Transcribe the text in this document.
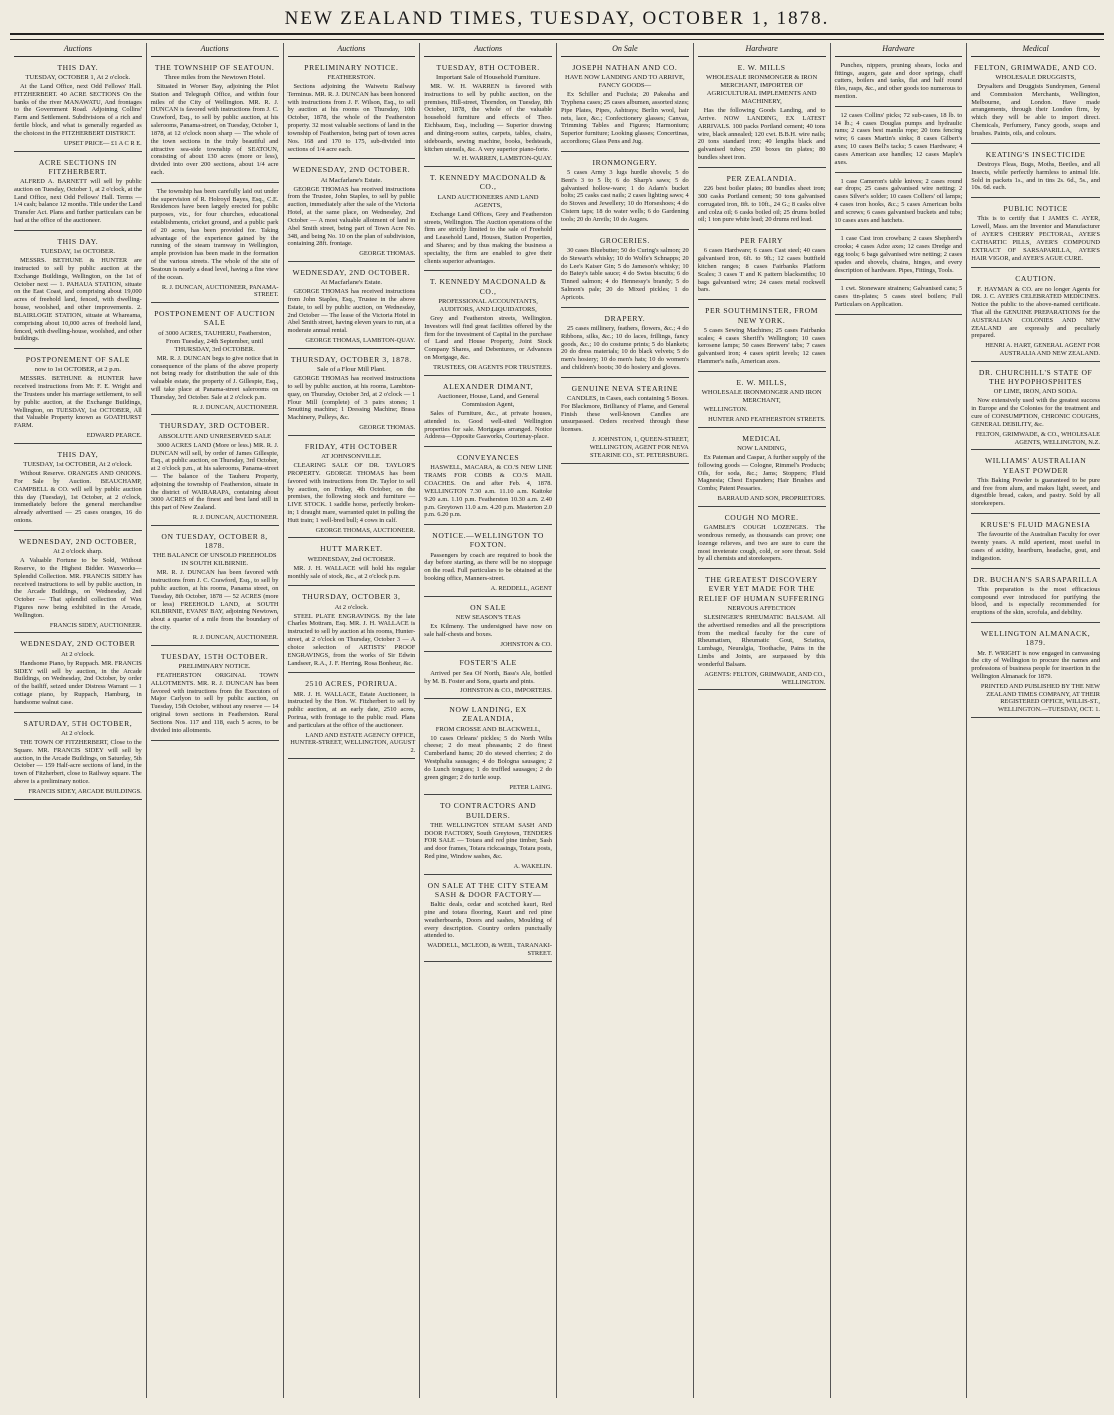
NEW ZEALAND TIMES, TUESDAY, OCTOBER 1, 1878.
Auctions
THIS DAY.
TUESDAY, OCTOBER 1, At 2 o'clock.

At the Land Office, next Odd Fellows' Hall. FITZHERBERT. 40 ACRE SECTIONS On the banks of the river MANAWATU, And frontages to the Government Road. Adjoining Collins' Farm and Settlement. Subdivisions of a rich and fertile block, and what is generally regarded as the choicest in the FITZHERBERT DISTRICT.

UPSET PRICE— £1 A C R E.
ACRE SECTIONS IN FITZHERBERT.

ALFRED A. BARNETT will sell by public auction on Tuesday, October 1, at 2 o'clock, at the Land Office, next Odd Fellows' Hall. Terms — 1/4 cash; balance 12 months. Title under the Land Transfer Act. Plans and further particulars can be had at the office of the auctioneer.

THIS DAY.
TUESDAY, 1st OCTOBER.

MESSRS. BETHUNE & HUNTER are instructed to sell by public auction at the Exchange Buildings, Wellington, on the 1st of October next — 1. PAHAUA STATION, situate on the East Coast, and comprising about 19,000 acres of freehold land, fenced, with dwelling-house, woolshed, and other improvements. 2. BLAIRLOGIE STATION, situate at Whareama, comprising about 10,000 acres of freehold land, fenced, with dwelling-house, woolshed, and other buildings.

POSTPONEMENT OF SALE
now to 1st OCTOBER, at 2 p.m.

MESSRS. BETHUNE & HUNTER have received instructions from Mr. F. E. Wright and the Trustees under his marriage settlement, to sell by public auction, at the Exchange Buildings, Wellington, on TUESDAY, 1st OCTOBER, All that Valuable Property known as GOATHURST FARM.

EDWARD PEARCE.
THIS DAY,
TUESDAY, 1st OCTOBER, At 2 o'clock.

Without Reserve. ORANGES AND ONIONS. For Sale by Auction. BEAUCHAMP, CAMPBELL & CO. will sell by public auction this day (Tuesday), 1st October, at 2 o'clock, immediately before the general merchandise already advertised — 25 cases oranges, 16 do onions.

WEDNESDAY, 2ND OCTOBER,
At 2 o'clock sharp.

A Valuable Fortune to be Sold, Without Reserve, to the Highest Bidder. Waxworks—Splendid Collection. MR. FRANCIS SIDEY has received instructions to sell by public auction, in the Arcade Buildings, on Wednesday, 2nd October — That splendid collection of Wax Figures now being exhibited in the Arcade, Wellington.

FRANCIS SIDEY, AUCTIONEER.
WEDNESDAY, 2ND OCTOBER
At 2 o'clock.

Handsome Piano, by Ruppach. MR. FRANCIS SIDEY will sell by auction, in the Arcade Buildings, on Wednesday, 2nd October, by order of the bailiff, seized under Distress Warrant — 1 cottage piano, by Ruppach, Hamburg, in handsome walnut case.

SATURDAY, 5TH OCTOBER,
At 2 o'clock.

THE TOWN OF FITZHERBERT, Close to the Square. MR. FRANCIS SIDEY will sell by auction, in the Arcade Buildings, on Saturday, 5th October — 159 Half-acre sections of land, in the town of Fitzherbert, close to Railway square. The above is a preliminary notice.

FRANCIS SIDEY, ARCADE BUILDINGS.
Auctions
THE TOWNSHIP OF SEATOUN.
Three miles from the Newtown Hotel.

Situated in Worser Bay, adjoining the Pilot Station and Telegraph Office, and within four miles of the City of Wellington. MR. R. J. DUNCAN is favored with instructions from J. C. Crawford, Esq., to sell by public auction, at his salerooms, Panama-street, on Tuesday, October 1, 1878, at 12 o'clock noon sharp — The whole of the town sections in the truly beautiful and attractive sea-side township of SEATOUN, consisting of about 130 acres (more or less), divided into over 200 sections, about 1/4 acre each.

The township has been carefully laid out under the supervision of R. Holroyd Bayes, Esq., C.E. Residences have been largely erected for public purposes, viz., for four churches, educational establishments, cricket ground, and a public park of 20 acres, has been provided for. Taking advantage of the experience gained by the running of the steam tramway in Wellington, ample provision has been made in the formation of the various streets. The whole of the site of Seatoun is nearly a dead level, having a fine view of the ocean.

R. J. DUNCAN, AUCTIONEER, PANAMA-STREET.
POSTPONEMENT OF AUCTION SALE
of 3000 ACRES, TAUHERU, Featherston, From Tuesday, 24th September, until THURSDAY, 3rd OCTOBER.

MR. R. J. DUNCAN begs to give notice that in consequence of the plans of the above property not being ready for distribution the sale of this valuable estate, the property of J. Gillespie, Esq., will take place at Panama-street salerooms on Thursday, 3rd October. Sale at 2 o'clock p.m.

R. J. DUNCAN, AUCTIONEER.
THURSDAY, 3RD OCTOBER.
ABSOLUTE AND UNRESERVED SALE

3000 ACRES LAND (More or less.) MR. R. J. DUNCAN will sell, by order of James Gillespie, Esq., at public auction, on Thursday, 3rd October, at 2 o'clock p.m., at his salerooms, Panama-street — The balance of the Tauheru Property, adjoining the township of Featherston, situate in the district of WAIRARAPA, containing about 3000 ACRES of the finest and best land still in this part of New Zealand.

R. J. DUNCAN, AUCTIONEER.
ON TUESDAY, OCTOBER 8, 1878.
THE BALANCE OF UNSOLD FREEHOLDS IN SOUTH KILBIRNIE.

MR. R. J. DUNCAN has been favored with instructions from J. C. Crawford, Esq., to sell by public auction, at his rooms, Panama street, on Tuesday, 8th October, 1878 — 52 ACRES (more or less) FREEHOLD LAND, at SOUTH KILBIRNIE, EVANS' BAY, adjoining Newtown, about a quarter of a mile from the boundary of the city.

R. J. DUNCAN, AUCTIONEER.
TUESDAY, 15TH OCTOBER.
PRELIMINARY NOTICE.

FEATHERSTON ORIGINAL TOWN ALLOTMENTS. MR. R. J. DUNCAN has been favored with instructions from the Executors of Major Carlyon to sell by public auction, on Tuesday, 15th October, without any reserve — 14 original town sections in Featherston. Rural Sections Nos. 117 and 118, each 5 acres, to be divided into allotments.

Auctions
PRELIMINARY NOTICE.
FEATHERSTON.

Sections adjoining the Waiwetu Railway Terminus. MR. R. J. DUNCAN has been honored with instructions from J. F. Wilson, Esq., to sell by auction at his rooms on Thursday, 10th October, 1878, the whole of the Featherston property. 32 most valuable sections of land in the township of Featherston, being part of town acres Nos. 168 and 170 to 175, sub-divided into sections of 1/4 acre each.

WEDNESDAY, 2ND OCTOBER.
At Macfarlane's Estate.

GEORGE THOMAS has received instructions from the Trustee, John Staples, to sell by public auction, immediately after the sale of the Victoria Hotel, at the same place, on Wednesday, 2nd October — A most valuable allotment of land in Abel Smith street, being part of Town Acre No. 348, and being No. 10 on the plan of subdivision, containing 28ft. frontage.

GEORGE THOMAS.
WEDNESDAY, 2ND OCTOBER.
At Macfarlane's Estate.

GEORGE THOMAS has received instructions from John Staples, Esq., Trustee in the above Estate, to sell by public auction, on Wednesday, 2nd October — The lease of the Victoria Hotel in Abel Smith street, having eleven years to run, at a moderate annual rental.

GEORGE THOMAS, LAMBTON-QUAY.
THURSDAY, OCTOBER 3, 1878.
Sale of a Flour Mill Plant.

GEORGE THOMAS has received instructions to sell by public auction, at his rooms, Lambton-quay, on Thursday, October 3rd, at 2 o'clock — 1 Flour Mill (complete) of 3 pairs stones; 1 Smutting machine; 1 Dressing Machine; Brass Machinery, Pulleys, &c.

GEORGE THOMAS.
FRIDAY, 4TH OCTOBER
AT JOHNSONVILLE.

CLEARING SALE OF DR. TAYLOR'S PROPERTY. GEORGE THOMAS has been favored with instructions from Dr. Taylor to sell by auction, on Friday, 4th October, on the premises, the following stock and furniture — LIVE STOCK. 1 saddle horse, perfectly broken-in; 1 draught mare, warranted quiet in pulling the Hutt train; 1 well-bred bull; 4 cows in calf.

GEORGE THOMAS, AUCTIONEER.
HUTT MARKET.
WEDNESDAY, 2nd OCTOBER.

MR. J. H. WALLACE will hold his regular monthly sale of stock, &c., at 2 o'clock p.m.

THURSDAY, OCTOBER 3,
At 2 o'clock.

STEEL PLATE ENGRAVINGS. By the late Charles Mottram, Esq. MR. J. H. WALLACE is instructed to sell by auction at his rooms, Hunter-street, at 2 o'clock on Thursday, October 3 — A choice selection of ARTISTS' PROOF ENGRAVINGS, from the works of Sir Edwin Landseer, R.A., J. F. Herring, Rosa Bonheur, &c.

2510 ACRES, PORIRUA.

MR. J. H. WALLACE, Estate Auctioneer, is instructed by the Hon. W. Fitzherbert to sell by public auction, at an early date, 2510 acres, Porirua, with frontage to the public road. Plans and particulars at the office of the auctioneer.

LAND AND ESTATE AGENCY OFFICE, HUNTER-STREET, WELLINGTON, AUGUST 2.
Auctions
TUESDAY, 8TH OCTOBER.
Important Sale of Household Furniture.

MR. W. H. WARREN is favored with instructions to sell by public auction, on the premises, Hill-street, Thorndon, on Tuesday, 8th October, 1878, the whole of the valuable household furniture and effects of Theo. Eichbaum, Esq., including — Superior drawing and dining-room suites, carpets, tables, chairs, sideboards, sewing machine, books, bedsteads, kitchen utensils, &c. A very superior piano-forte.

W. H. WARREN, LAMBTON-QUAY.
T. KENNEDY MACDONALD & CO.,
LAND AUCTIONEERS AND LAND AGENTS,

Exchange Land Offices, Grey and Featherston streets, Wellington. The Auction operations of the firm are strictly limited to the sale of Freehold and Leasehold Land, Houses, Station Properties, and Shares; and by thus making the business a speciality, the firm are enabled to give their clients superior advantages.

T. KENNEDY MACDONALD & CO.,
PROFESSIONAL ACCOUNTANTS, AUDITORS, AND LIQUIDATORS,

Grey and Featherston streets, Wellington. Investors will find great facilities offered by the firm for the investment of Capital in the purchase of Land and House Property, Joint Stock Company Shares, and Debentures, or Advances on Mortgage, &c.

TRUSTEES, OR AGENTS FOR TRUSTEES.
ALEXANDER DIMANT,
Auctioneer, House, Land, and General Commission Agent,

Sales of Furniture, &c., at private houses, attended to. Good well-sited Wellington properties for sale. Mortgages arranged. Notice Address—Opposite Gasworks, Courtenay-place.

CONVEYANCES

HASWELL, MACARA, & CO.'S NEW LINE TRAMS FOR COBB & CO.'S MAIL COACHES. On and after Feb. 4, 1878. WELLINGTON 7.30 a.m. 11.10 a.m. Kaitoke 9.20 a.m. 1.10 p.m. Featherston 10.30 a.m. 2.40 p.m. Greytown 11.0 a.m. 4.20 p.m. Masterton 2.0 p.m. 6.20 p.m.

NOTICE.—WELLINGTON TO FOXTON.

Passengers by coach are required to book the day before starting, as there will be no stoppage on the road. Full particulars to be obtained at the booking office, Manners-street.

A. REDDELL, AGENT
ON SALE
NEW SEASON'S TEAS

Ex Kilmeny. The undersigned have now on sale half-chests and boxes.

JOHNSTON & CO.
FOSTER'S ALE

Arrived per Sea Of North, Bass's Ale, bottled by M. B. Foster and Sons, quarts and pints.

JOHNSTON & CO., IMPORTERS.
NOW LANDING, EX ZEALANDIA,
FROM CROSSE AND BLACKWELL,

10 cases Orleans' pickles; 5 do North Wilts cheese; 2 do meat pheasants; 2 do finest Cumberland hams; 20 do stewed cherries; 2 do Westphalia sausages; 4 do Bologna sausages; 2 do Lunch tongues; 1 do truffled sausages; 2 do green ginger; 2 do turtle soup.

PETER LAING.
TO CONTRACTORS AND BUILDERS.

THE WELLINGTON STEAM SASH AND DOOR FACTORY, South Greytown, TENDERS FOR SALE — Totara and red pine timber, Sash and door frames, Totara rickcasings, Totara posts, Red pine, Window sashes, &c.

A. WAKELIN.
ON SALE AT THE CITY STEAM SASH & DOOR FACTORY—

Baltic deals, cedar and scotched kauri, Red pine and totara flooring, Kauri and red pine weatherboards, Doors and sashes, Moulding of every description. Country orders punctually attended to.

WADDELL, MCLEOD, & WEIL, TARANAKI-STREET.
On Sale
JOSEPH NATHAN AND CO.
HAVE NOW LANDING AND TO ARRIVE, FANCY GOODS—

Ex Schiller and Fuchsia; 20 Pakeaha and Tryphena cases; 25 cases albumen, assorted sizes; Pipe Plates, Pipes, Ashtrays; Berlin wool, hair nets, lace, &c.; Confectionery glasses; Canvas, Trimming Tables and Figures; Harmonium; Superior furniture; Looking glasses; Concertinas, accordions; Glass Pens and Jug.

IRONMONGERY.

5 cases Army 3 lugs hurdle shovels; 5 do Bent's 3 to 5 lb; 6 do Sharp's saws; 5 do galvanised hollow-ware; 1 do Adam's bucket bolts; 25 casks cast nails; 2 cases lighting saws; 4 do Stoves and Jewellery; 10 do Horseshoes; 4 do Cistern taps; 18 do water wells; 6 do Gardening tools; 20 do Anvils; 10 do Augers.

GROCERIES.

30 cases Bluebutter; 50 do Curing's salmon; 20 do Stewart's whisky; 10 do Wolfe's Schnapps; 20 do Lee's Kaiser Gin; 5 do Jameson's whisky; 10 do Batey's table sauce; 4 do Swiss biscuits; 6 do Tinned salmon; 4 do Hennessy's brandy; 5 do Salmon's pale; 20 do Mixed pickles; 1 do Apricots.

DRAPERY.

25 cases millinery, feathers, flowers, &c.; 4 do Ribbons, silks, &c.; 10 do laces, frillings, fancy goods, &c.; 10 do costume prints; 5 do blankets; 20 do dress materials; 10 do black velvets; 5 do men's hosiery; 10 do men's hats; 10 do women's and children's boots; 30 do hosiery and gloves.

GENUINE NEVA STEARINE

CANDLES, in Cases, each containing 5 Boxes. For Blackmore, Brilliancy of Flame, and General Finish these well-known Candles are unsurpassed. Orders received through these licenses.

J. JOHNSTON, 1, QUEEN-STREET, WELLINGTON, AGENT FOR NEVA STEARINE CO., ST. PETERSBURG.
Hardware
E. W. MILLS
WHOLESALE IRONMONGER & IRON MERCHANT, IMPORTER OF AGRICULTURAL IMPLEMENTS AND MACHINERY,

Has the following Goods Landing, and to Arrive. NOW LANDING, EX LATEST ARRIVALS. 100 packs Portland cement; 40 tons wire, black annealed; 120 cwt. B.B.H. wire nails; 20 tons standard iron; 40 lengths black and galvanised tubes; 250 boxes tin plates; 80 bundles sheet iron.

PER ZEALANDIA.

226 best boiler plates; 80 bundles sheet iron; 300 casks Portland cement; 50 tons galvanised corrugated iron, 8ft. to 10ft., 24 G.; 8 casks olive and colza oil; 6 casks boiled oil; 25 drums boiled oil; 1 ton pure white lead; 20 drums red lead.

PER FAIRY

6 cases Hardware; 6 cases Cast steel; 40 cases galvanised iron, 6ft. to 9ft.; 12 cases buttfield kitchen ranges; 8 cases Fairbanks Platform Scales; 3 cases T and K pattern blacksmiths; 10 bags galvanised wire; 24 cases metal rockwell bars.

PER SOUTHMINSTER, FROM NEW YORK.

5 cases Sewing Machines; 25 cases Fairbanks scales; 4 cases Sheriff's Wellington; 10 cases kerosene lamps; 50 cases Brewers' tabs; 7 cases galvanised iron; 4 cases spirit levels; 12 cases Hammer's nails, American axes.

E. W. MILLS,
WHOLESALE IRONMONGER AND IRON MERCHANT,

WELLINGTON.

HUNTER AND FEATHERSTON STREETS.
MEDICAL
NOW LANDING,

Ex Pateman and Caspar, A further supply of the following goods — Cologne, Rimmel's Products; Oils, for soda, &c.; Jams; Stoppers; Fluid Magnesia; Chest Expanders; Hair Brushes and Combs; Patent Pessaries.

BARRAUD AND SON, PROPRIETORS.
COUGH NO MORE.

GAMBLE'S COUGH LOZENGES. The wondrous remedy, as thousands can prove; one lozenge relieves, and two are sure to cure the most inveterate cough, cold, or sore throat. Sold by all chemists and storekeepers.

THE GREATEST DISCOVERY EVER YET MADE FOR THE RELIEF OF HUMAN SUFFERING
NERVOUS AFFECTION

SLESINGER'S RHEUMATIC BALSAM. All the advertised remedies and all the prescriptions from the medical faculty for the cure of Rheumatism, Rheumatic Gout, Sciatica, Lumbago, Neuralgia, Toothache, Pains in the Limbs and Joints, are surpassed by this wonderful Balsam.

AGENTS: FELTON, GRIMWADE, AND CO., WELLINGTON.
Hardware

Punches, nippers, pruning shears, locks and fittings, augers, gate and door springs, chaff cutters, boilers and tanks, flat and half round files, rasps, &c., and other goods too numerous to mention.

12 cases Collins' picks; 72 sub-cases, 18 lb. to 14 lb.; 4 cases Douglas pumps and hydraulic rams; 2 cases best manila rope; 20 tons fencing wire; 6 cases Martin's sinks; 8 cases Gilbert's axes; 10 cases Bell's tacks; 5 cases Hardware; 4 cases American axe handles; 12 cases Maple's axes.

1 case Cameron's table knives; 2 cases round ear drops; 25 cases galvanised wire netting; 2 cases Silver's solder; 10 cases Colliers' oil lamps; 4 cases iron hooks, &c.; 5 cases American bolts and screws; 6 cases galvanised buckets and tubs; 10 cases axes and hatchets.

1 case Cast iron crowbars; 2 cases Shepherd's crooks; 4 cases Adze axes; 12 cases Dredge and egg tools; 6 bags galvanised wire netting; 2 cases spades and shovels, chains, hinges, and every description of hardware. Pipes, Fittings, Tools.

1 cwt. Stoneware strainers; Galvanised cans; 5 cases tin-plates; 5 cases steel boilers; Full Particulars on Application.

Medical
FELTON, GRIMWADE, AND CO.
WHOLESALE DRUGGISTS,

Drysalters and Druggists Sundrymen, General and Commission Merchants, Wellington, Melbourne, and London. Have made arrangements, through their London firm, by which they will be able to import direct. Chemicals, Perfumery, Fancy goods, soaps and brushes. Paints, oils, and colours.

KEATING'S INSECTICIDE

Destroys Fleas, Bugs, Moths, Beetles, and all Insects, while perfectly harmless to animal life. Sold in packets 1s., and in tins 2s. 6d., 5s., and 10s. 6d. each.

PUBLIC NOTICE

This is to certify that I JAMES C. AYER, Lowell, Mass. am the Inventor and Manufacturer of AYER'S CHERRY PECTORAL, AYER'S CATHARTIC PILLS, AYER'S COMPOUND EXTRACT OF SARSAPARILLA, AYER'S HAIR VIGOR, and AYER'S AGUE CURE.

CAUTION.

F. HAYMAN & CO. are no longer Agents for DR. J. C. AYER'S CELEBRATED MEDICINES. Notice the public to the above-named certificate. That all the GENUINE PREPARATIONS for the AUSTRALIAN COLONIES AND NEW ZEALAND are expressly and peculiarly prepared.

HENRI A. HART, GENERAL AGENT FOR AUSTRALIA AND NEW ZEALAND.
DR. CHURCHILL'S STATE OF THE HYPOPHOSPHITES
OF LIME, IRON, AND SODA.

Now extensively used with the greatest success in Europe and the Colonies for the treatment and cure of CONSUMPTION, CHRONIC COUGHS, GENERAL DEBILITY, &c.

FELTON, GRIMWADE, & CO., WHOLESALE AGENTS, WELLINGTON, N.Z.
WILLIAMS' AUSTRALIAN YEAST POWDER

This Baking Powder is guaranteed to be pure and free from alum, and makes light, sweet, and digestible bread, cakes, and pastry. Sold by all storekeepers.

KRUSE'S FLUID MAGNESIA

The favourite of the Australian Faculty for over twenty years. A mild aperient, most useful in cases of acidity, heartburn, headache, gout, and indigestion.

DR. BUCHAN'S SARSAPARILLA

This preparation is the most efficacious compound ever introduced for purifying the blood, and is especially recommended for eruptions of the skin, scrofula, and debility.

WELLINGTON ALMANACK, 1879.

Mr. F. WRIGHT is now engaged in canvassing the city of Wellington to procure the names and professions of business people for insertion in the Wellington Almanack for 1879.

PRINTED AND PUBLISHED BY THE NEW ZEALAND TIMES COMPANY, AT THEIR REGISTERED OFFICE, WILLIS-ST., WELLINGTON.—TUESDAY, OCT. 1.
